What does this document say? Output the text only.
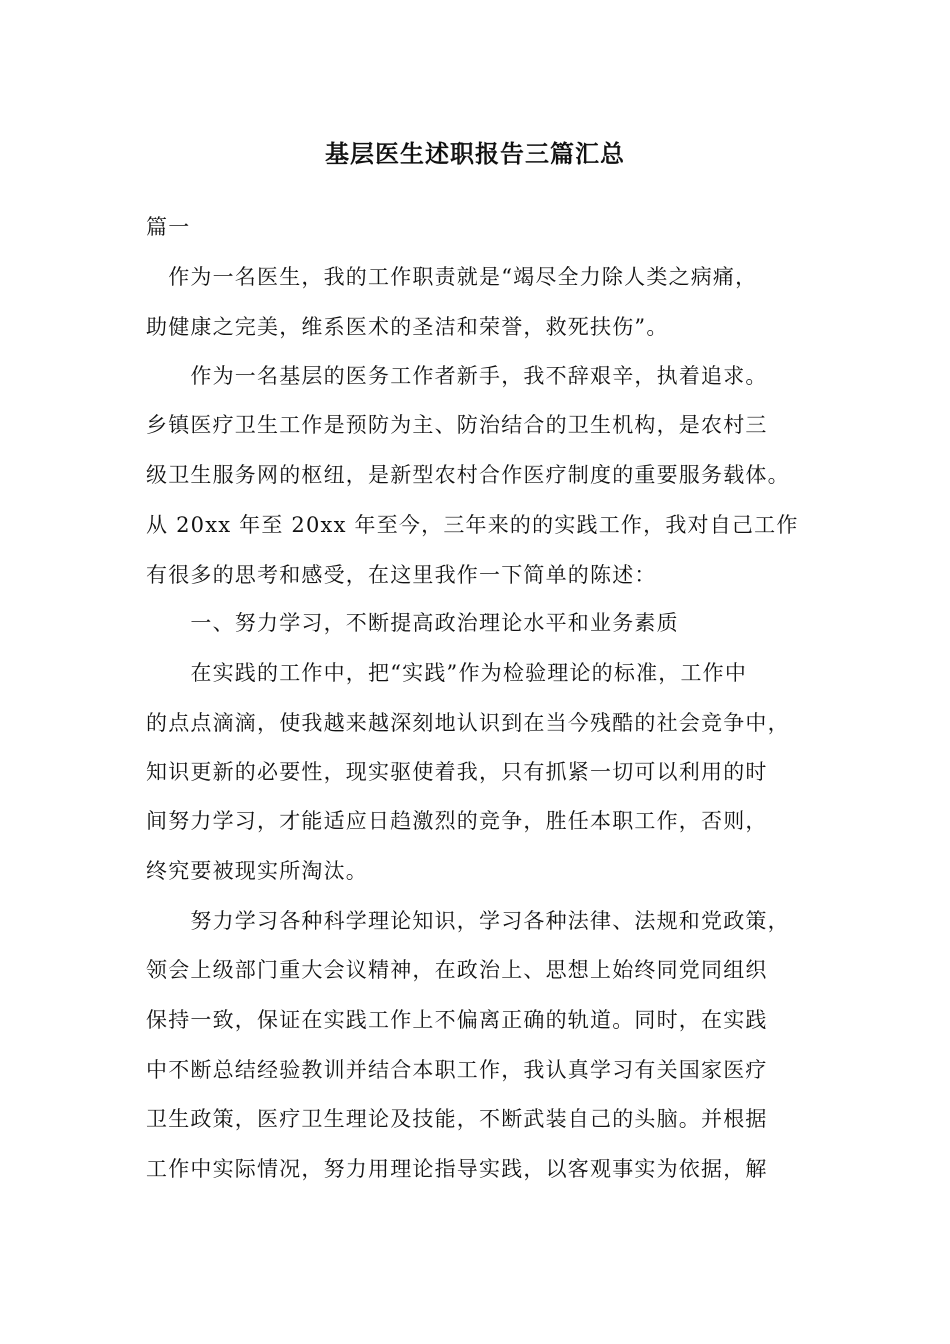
基层医生述职报告三篇汇总
篇一
　作为一名医生，我的工作职责就是“竭尽全力除人类之病痛，
助健康之完美，维系医术的圣洁和荣誉，救死扶伤”。
　　作为一名基层的医务工作者新手，我不辞艰辛，执着追求。
乡镇医疗卫生工作是预防为主、防治结合的卫生机构，是农村三
级卫生服务网的枢纽，是新型农村合作医疗制度的重要服务载体。
从 20xx 年至 20xx 年至今，三年来的的实践工作，我对自己工作
有很多的思考和感受，在这里我作一下简单的陈述：
　　一、努力学习，不断提高政治理论水平和业务素质
　　在实践的工作中，把“实践”作为检验理论的标准，工作中
的点点滴滴，使我越来越深刻地认识到在当今残酷的社会竞争中，
知识更新的必要性，现实驱使着我，只有抓紧一切可以利用的时
间努力学习，才能适应日趋激烈的竞争，胜任本职工作，否则，
终究要被现实所淘汰。
　　努力学习各种科学理论知识，学习各种法律、法规和党政策，
领会上级部门重大会议精神，在政治上、思想上始终同党同组织
保持一致，保证在实践工作上不偏离正确的轨道。同时，在实践
中不断总结经验教训并结合本职工作，我认真学习有关国家医疗
卫生政策，医疗卫生理论及技能，不断武装自己的头脑。并根据
工作中实际情况，努力用理论指导实践，以客观事实为依据，解
